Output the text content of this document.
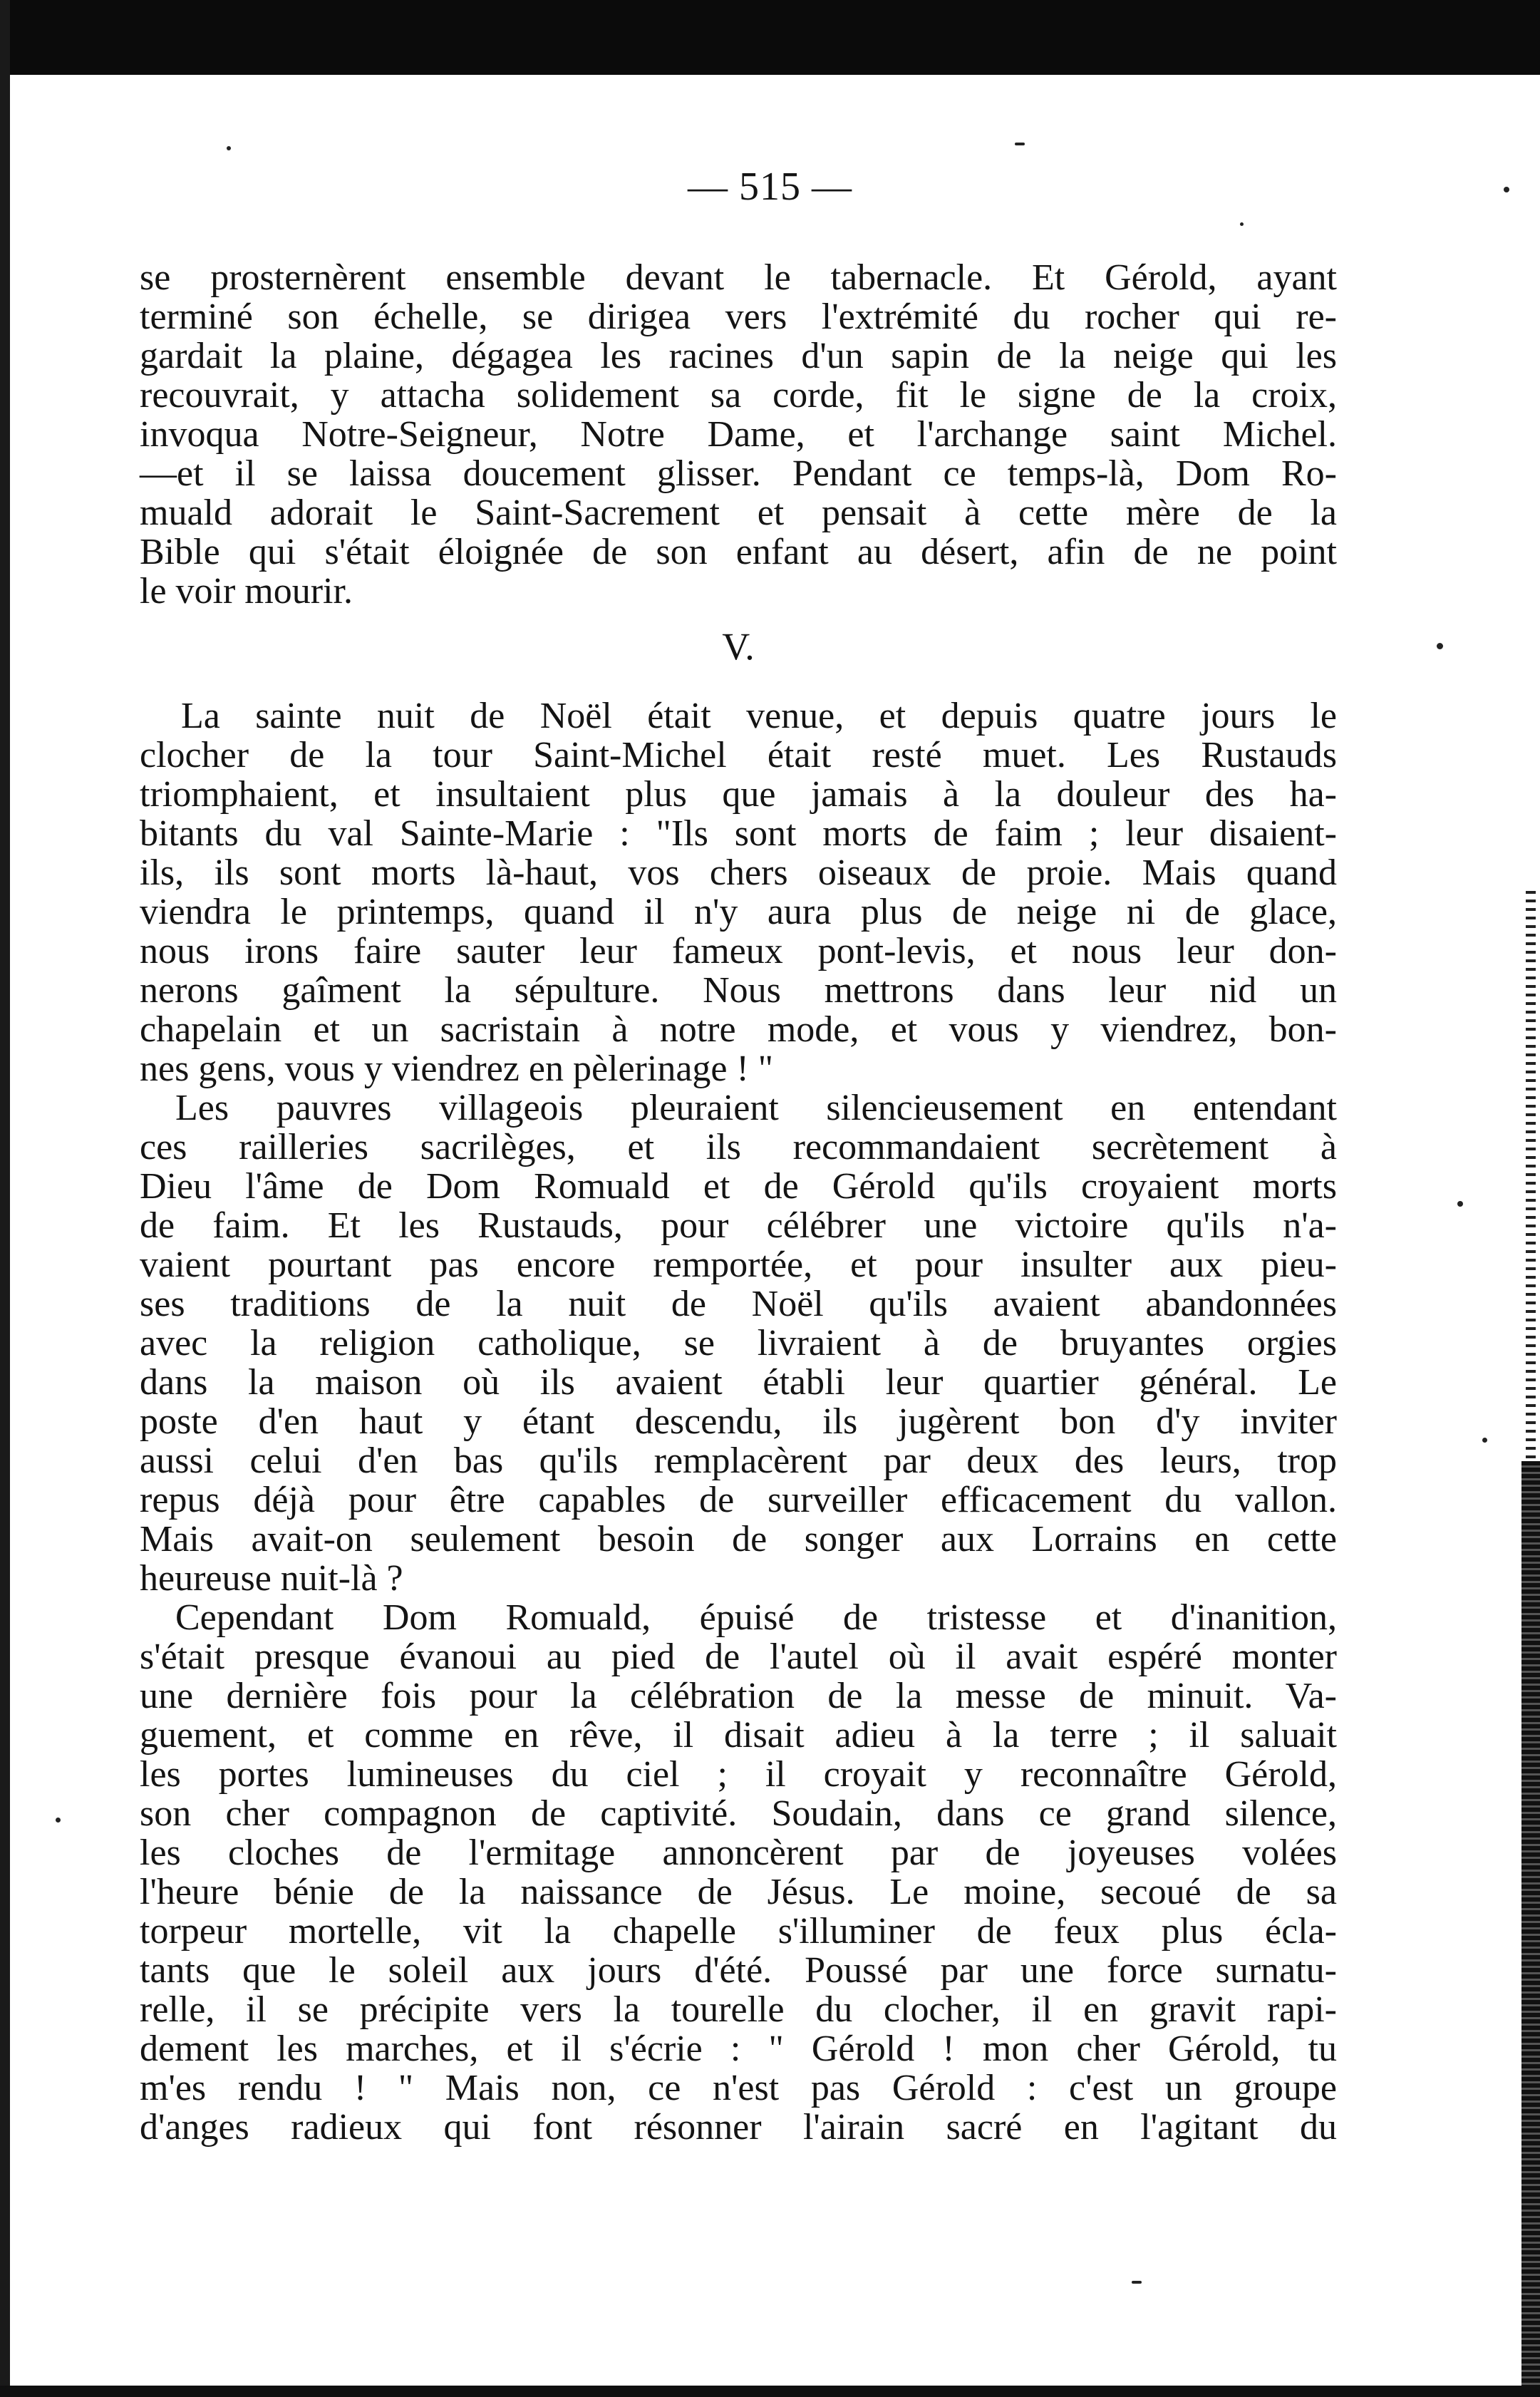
— 515 —
se prosternèrent ensemble devant le tabernacle. Et Gérold, ayant
terminé son échelle, se dirigea vers l'extrémité du rocher qui re-
gardait la plaine, dégagea les racines d'un sapin de la neige qui les
recouvrait, y attacha solidement sa corde, fit le signe de la croix,
invoqua Notre-Seigneur, Notre Dame, et l'archange saint Michel.
—et il se laissa doucement glisser. Pendant ce temps-là, Dom Ro-
muald adorait le Saint-Sacrement et pensait à cette mère de la
Bible qui s'était éloignée de son enfant au désert, afin de ne point
le voir mourir.
V.
La sainte nuit de Noël était venue, et depuis quatre jours le
clocher de la tour Saint-Michel était resté muet. Les Rustauds
triomphaient, et insultaient plus que jamais à la douleur des ha-
bitants du val Sainte-Marie : "Ils sont morts de faim ; leur disaient-
ils, ils sont morts là-haut, vos chers oiseaux de proie. Mais quand
viendra le printemps, quand il n'y aura plus de neige ni de glace,
nous irons faire sauter leur fameux pont-levis, et nous leur don-
nerons gaîment la sépulture. Nous mettrons dans leur nid un
chapelain et un sacristain à notre mode, et vous y viendrez, bon-
nes gens, vous y viendrez en pèlerinage ! "
Les pauvres villageois pleuraient silencieusement en entendant
ces railleries sacrilèges, et ils recommandaient secrètement à
Dieu l'âme de Dom Romuald et de Gérold qu'ils croyaient morts
de faim. Et les Rustauds, pour célébrer une victoire qu'ils n'a-
vaient pourtant pas encore remportée, et pour insulter aux pieu-
ses traditions de la nuit de Noël qu'ils avaient abandonnées
avec la religion catholique, se livraient à de bruyantes orgies
dans la maison où ils avaient établi leur quartier général. Le
poste d'en haut y étant descendu, ils jugèrent bon d'y inviter
aussi celui d'en bas qu'ils remplacèrent par deux des leurs, trop
repus déjà pour être capables de surveiller efficacement du vallon.
Mais avait-on seulement besoin de songer aux Lorrains en cette
heureuse nuit-là ?
Cependant Dom Romuald, épuisé de tristesse et d'inanition,
s'était presque évanoui au pied de l'autel où il avait espéré monter
une dernière fois pour la célébration de la messe de minuit. Va-
guement, et comme en rêve, il disait adieu à la terre ; il saluait
les portes lumineuses du ciel ; il croyait y reconnaître Gérold,
son cher compagnon de captivité. Soudain, dans ce grand silence,
les cloches de l'ermitage annoncèrent par de joyeuses volées
l'heure bénie de la naissance de Jésus. Le moine, secoué de sa
torpeur mortelle, vit la chapelle s'illuminer de feux plus écla-
tants que le soleil aux jours d'été. Poussé par une force surnatu-
relle, il se précipite vers la tourelle du clocher, il en gravit rapi-
dement les marches, et il s'écrie : " Gérold ! mon cher Gérold, tu
m'es rendu ! " Mais non, ce n'est pas Gérold : c'est un groupe
d'anges radieux qui font résonner l'airain sacré en l'agitant du
